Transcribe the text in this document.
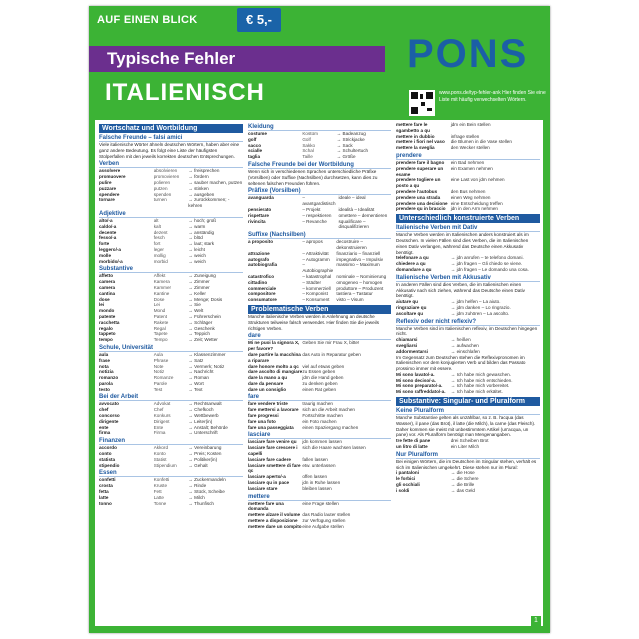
AUF EINEN BLICK	€ 5,-
Typische Fehler
ITALIENISCH
PONS
www.pons.de/typ-fehler-ank Hier finden Sie eine Liste mit häufig verwechselten Wörtern.
Wortschatz und Wortbildung
Falsche Freunde – falsi amici
Viele italienische Wörter ähneln deutschen Wörtern, haben aber eine ganz andere Bedeutung. Es folgt eine Liste der häufigsten Stolperfallen mit den jeweils korrekten deutschen Entsprechungen.
Verben
assolvere	absolvieren	→ freisprechen
promuovere	promovieren	→ fördern
pulire	polieren	→ sauber machen, putzen
puzzare	putzen	→ stinken
spendere	spenden	→ ausgeben
tornare	turnen	→ zurückkommen; -kehren
Adjektive
alto/-a	alt	→ hoch; groß
caldo/-a	kalt	→ warm
decente	dezent	→ anständig
fesso/-a	fesch	→ blöd
forte	fort	→ laut; stark
leggero/-a	leger	→ leicht
molle	mollig	→ weich
morbido/-a	morbid	→ weich
Substantive
affetto	Affekt	→ Zuneigung
camera	Kamera	→ Zimmer
camera	Kammer	→ Zimmer
cantina	Kantine	→ Keller
dose	Dose	→ Menge; Dosis
lei	Lei	→ Sie
mondo	Mond	→ Welt
patente	Patent	→ Führerschein
racchetta	Rakete	→ Schläger
regalo	Regal	→ Geschenk
tappeto	Tapete	→ Teppich
tempo	Tempo	→ Zeit; Wetter
Schule, Universität
aula	Aula	→ Klassenzimmer
frase	Phrase	→ Satz
nota	Note	→ Vermerk; Notiz
notizia	Notiz	→ Nachricht
romanzo	Romanze	→ Roman
parola	Parole	→ Wort
testo	Test	→ Text
Bei der Arbeit
avvocato	Advokat	→ Rechtsanwalt
chef	Chef	→ Chefkoch
concorso	Konkurs	→ Wettbewerb
dirigente	Dirigent	→ Leiter(in)
ente	Ente	→ Anstalt; Behörde
firma	Firma	→ Unterschrift
Finanzen
accordo	Akkord	→ Vereinbarung
conto	Konto	→ Preis; Kosten
statista	Statist	→ Politiker(in)
stipendio	Stipendium	→ Gehalt
Essen
confetti	Konfetti	→ Zuckermandeln
crosta	Kruste	→ Rinde
fetta	Fett	→ Stück, Scheibe
latte	Latte	→ Milch
tonno	Tonne	→ Thunfisch
Kleidung
costume	Kostüm	→ Badeanzug
golf	Golf	→ Strickjacke
sacco	Sakko	→ Sack
scialle	Schal	→ Schultertuch
taglia	Taille	→ Größe
Falsche Freunde bei der Wortbildung
Wenn sich in verschiedenen Sprachen unterschiedliche Präfixe (Vorsilben) oder Suffixe (Nachsilben) durchsetzen, kann dies zu seltenen falschen Freunden führen.
Präfixe (Vorsilben)
avanguarda	– avantgardistisch	ideale – ideal
pensierato	– Projekt	idealità – Idealität
rispettare	– respektieren	omettere – dementieren
rivincita	– Revanche	squalificare – disqualifizieren
Suffixe (Nachsilben)
a proposito	– apropos	decostruire – dekonstruieren
attrazione	– Attraktivität	finanziario – finanziell
autografo	– Autogramm	impegnativo – Impulsiv
autobiografia	– Autobiographie	massimo – Maximum
catastrofico	– katastrophal	nominale – Nominierung
cittadino	– Städter	omogeneo – homogen
commerciale	– kommerziell	produttore – Produzent
compositore	– Komponist	tastiera – Tastatur
consumatore	– Konsument	visto – Visum
Problematische Verben
Manche italienische Verben werden in Anlehnung an deutsche Strukturen teilweise falsch verwendet. Hier finden Sie die jeweils richtigen Verben.
dare
Mi ne puoi la signora X, per favore?	Geben Sie mir Frau X, bitte!
dare partire la macchina a riparare	das Auto in Reparatur geben
dare honore molto a qc	viel auf etwas geben
dare ascolto di mangiare	zu Essen geben
dare la mano a qu	jdm die Hand geben
dare da pensare	zu denken geben
dare un consiglio	einen Rat geben
fare
fare vendere triste	traurig machen
fare mettersi a lavorare	sich an die Arbeit machen
fare progressi	Fortschritte machen
fare una foto	ein Foto machen
fare una passeggiata	einen Spaziergang machen
lasciare
lasciare fare venire qu	jdn kommen lassen
lasciare fare crescere i capelli	sich die Haare wachsen lassen
lasciare fare cadere	fallen lassen
lasciare smettere di fare qc	etw. unterlassen
lasciare aperto/-a	offen lassen
lasciare qu in pace	jdn in Ruhe lassen
lasciare stare	bleiben lassen
mettere
mettere fare una domanda	eine Frage stellen
mettere alzare il volume	das Radio lauter stellen
mettere a disposizione	zur Verfügung stellen
mettere dare un compito	eine Aufgabe stellen
mettere fare le sgambetto a qu	jdm ein Bein stellen
mettere in dubbio	infrage stellen
mettere i fiori nel vaso	die Blumen in die Vase stellen
mettere la sveglia	den Wecker stellen
prendere
prendere fare il bagno	ein Bad nehmen
prendere superare un esame	ein Examen nehmen
prendere togliere un posto a qu	eine Last von jdm nehmen
prendere l'autobus	den Bus nehmen
prendere una strada	einen Weg nehmen
prendere una decisione	eine Entscheidung treffen
prendere qu in braccio	jdn in den Arm nehmen
Unterschiedlich konstruierte Verben
Italienische Verben mit Dativ
Manche Verben werden im Italienischen anders konstruiert als im Deutschen. In vielen Fällen sind dies Verben, die im Italienischen einen Dativ verlangen, während das Deutsche einen Akkusativ benötigt.
telefonare a qu	→ jdn anrufen – te telefono domani.
chiedere a qu	→ jdn fragen – Gli chiedo se viene.
domandare a qu	→ jdn fragen – Le domando una cosa.
Italienische Verben mit Akkusativ
In anderen Fällen sind dies Verben, die im Italienischen einen Akkusativ nach sich ziehen, während das Deutsche einen Dativ benötigt.
aiutare qu	→ jdm helfen – La aiuto.
ringraziare qu	→ jdm danken – Lo ringrazio.
ascoltare qu	→ jdm zuhören – La ascolto.
Reflexiv oder nicht reflexiv?
Manche Verben sind im Italienischen reflexiv, im Deutschen hingegen nicht.
chiamarsi	→ heißen
svegliarsi	→ aufwachen
addormentarsi	→ einschlafen
Im Gegensatz zum Deutschen stehen die Reflexivpronomen im Italienischen vor dem konjugierten Verb und bilden das Passato prossimo immer mit essere.
Mi sono lavato/-a.	→ Ich habe mich gewaschen.
Mi sono deciso/-a.	→ Ich habe mich entschieden.
Mi sono preparato/-a.	→ Ich habe mich vorbereitet.
Mi sono raffreddato/-a.	→ Ich habe mich erkältet.
Substantive: Singular- und Pluralform
Keine Pluralform
Manche Substantive gelten als unzählbar, so z. B. l'acqua (das Wasser), il pane (das Brot), il latte (die Milch), la carne (das Fleisch). Daher kommen sie meist mit unbestimmtem Artikel (un'acqua, un pane) vor. Als Pluralform benötigt man Mengenangaben.
tre fette di pane	drei Scheiben Brot
un litro di latte	ein Liter Milch
Nur Pluralform
Bei einigen Wörtern, die im Deutschen im Singular stehen, verhält es sich im Italienischen umgekehrt. Diese stehen nur im Plural:
i pantaloni	→ die Hose
le forbici	→ die Schere
gli occhiali	→ die Brille
i soldi	→ das Geld
1
